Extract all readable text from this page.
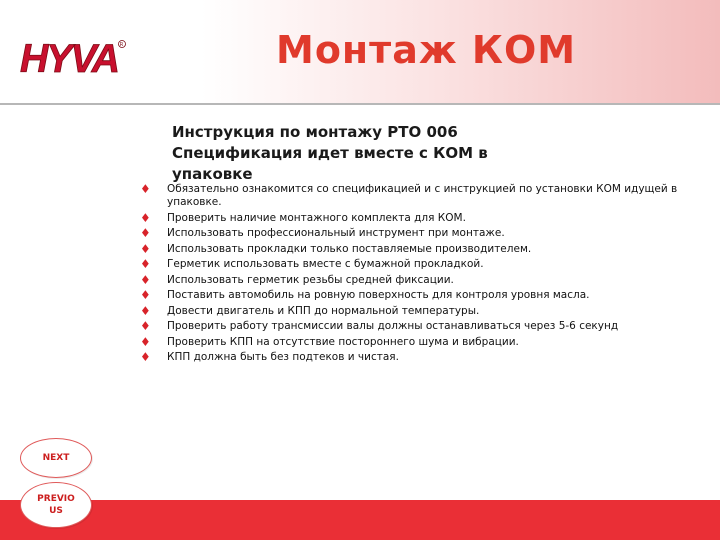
HYVA R	Монтаж КОМ
Инструкция по монтажу РТО 006
Спецификация идет вместе с КОМ в
упаковке
♦ Обязательно ознакомится со спецификацией и с инструкцией по установки КОМ идущей в упаковке.
♦ Проверить наличие монтажного комплекта для КОМ.
♦ Использовать профессиональный инструмент при монтаже.
♦ Использовать прокладки только поставляемые производителем.
♦ Герметик использовать вместе с бумажной прокладкой.
♦ Использовать герметик резьбы средней фиксации.
♦ Поставить автомобиль на ровную поверхность для контроля уровня масла.
♦ Довести двигатель и КПП до нормальной температуры.
♦ Проверить работу трансмиссии валы должны останавливаться через 5-6 секунд
♦ Проверить КПП на отсутствие постороннего шума и вибрации.
♦ КПП должна быть без подтеков и чистая.
NEXT
PREVIO
US
